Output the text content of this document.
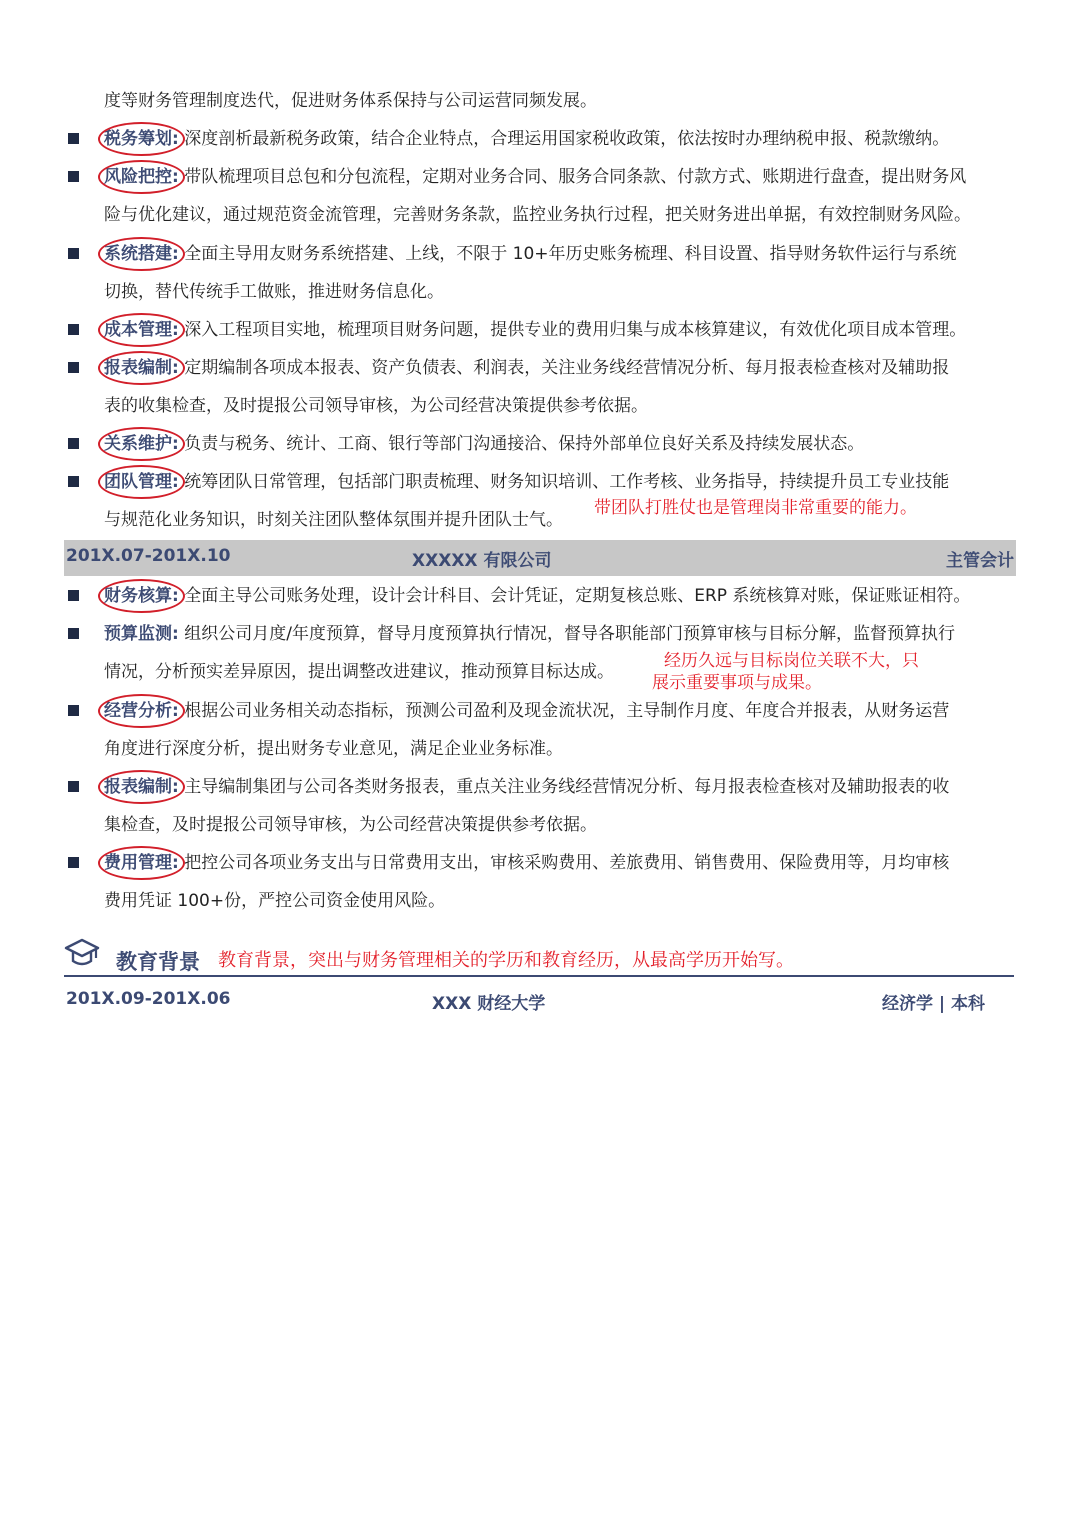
度等财务管理制度迭代，促进财务体系保持与公司运营同频发展。
税务筹划: 深度剖析最新税务政策，结合企业特点，合理运用国家税收政策，依法按时办理纳税申报、税款缴纳。
风险把控: 带队梳理项目总包和分包流程，定期对业务合同、服务合同条款、付款方式、账期进行盘查，提出财务风
险与优化建议，通过规范资金流管理，完善财务条款，监控业务执行过程，把关财务进出单据，有效控制财务风险。
系统搭建: 全面主导用友财务系统搭建、上线，不限于 10+年历史账务梳理、科目设置、指导财务软件运行与系统
切换，替代传统手工做账，推进财务信息化。
成本管理: 深入工程项目实地，梳理项目财务问题，提供专业的费用归集与成本核算建议，有效优化项目成本管理。
报表编制: 定期编制各项成本报表、资产负债表、利润表，关注业务线经营情况分析、每月报表检查核对及辅助报
表的收集检查，及时提报公司领导审核，为公司经营决策提供参考依据。
关系维护: 负责与税务、统计、工商、银行等部门沟通接洽、保持外部单位良好关系及持续发展状态。
团队管理: 统筹团队日常管理，包括部门职责梳理、财务知识培训、工作考核、业务指导，持续提升员工专业技能
与规范化业务知识，时刻关注团队整体氛围并提升团队士气。
带团队打胜仗也是管理岗非常重要的能力。
201X.07-201X.10	XXXXX 有限公司	主管会计
财务核算: 全面主导公司账务处理，设计会计科目、会计凭证，定期复核总账、ERP 系统核算对账，保证账证相符。
预算监测: 组织公司月度/年度预算，督导月度预算执行情况，督导各职能部门预算审核与目标分解，监督预算执行
情况，分析预实差异原因，提出调整改进建议，推动预算目标达成。
经历久远与目标岗位关联不大，只
展示重要事项与成果。
经营分析: 根据公司业务相关动态指标，预测公司盈利及现金流状况，主导制作月度、年度合并报表，从财务运营
角度进行深度分析，提出财务专业意见，满足企业业务标准。
报表编制: 主导编制集团与公司各类财务报表，重点关注业务线经营情况分析、每月报表检查核对及辅助报表的收
集检查，及时提报公司领导审核，为公司经营决策提供参考依据。
费用管理: 把控公司各项业务支出与日常费用支出，审核采购费用、差旅费用、销售费用、保险费用等，月均审核
费用凭证 100+份，严控公司资金使用风险。
教育背景 教育背景，突出与财务管理相关的学历和教育经历，从最高学历开始写。
201X.09-201X.06	XXX 财经大学	经济学 | 本科
